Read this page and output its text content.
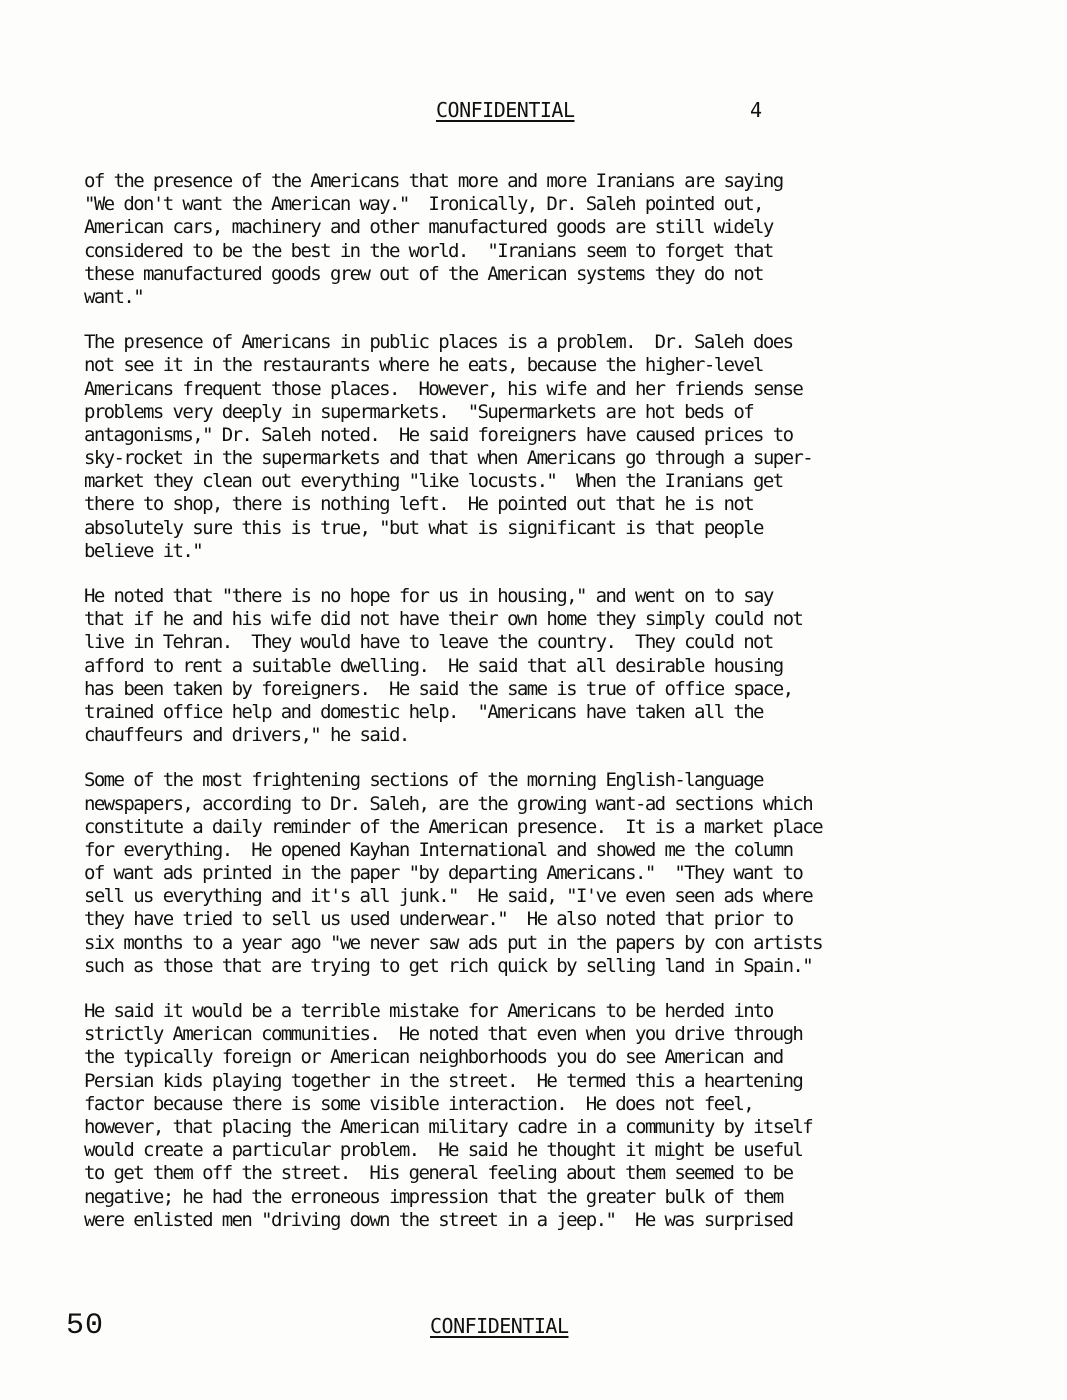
CONFIDENTIAL	4
of the presence of the Americans that more and more Iranians are saying
"We don't want the American way."  Ironically, Dr. Saleh pointed out,
American cars, machinery and other manufactured goods are still widely
considered to be the best in the world.  "Iranians seem to forget that
these manufactured goods grew out of the American systems they do not
want."
The presence of Americans in public places is a problem.  Dr. Saleh does
not see it in the restaurants where he eats, because the higher-level
Americans frequent those places.  However, his wife and her friends sense
problems very deeply in supermarkets.  "Supermarkets are hot beds of
antagonisms," Dr. Saleh noted.  He said foreigners have caused prices to
sky-rocket in the supermarkets and that when Americans go through a super-
market they clean out everything "like locusts."  When the Iranians get
there to shop, there is nothing left.  He pointed out that he is not
absolutely sure this is true, "but what is significant is that people
believe it."
He noted that "there is no hope for us in housing," and went on to say
that if he and his wife did not have their own home they simply could not
live in Tehran.  They would have to leave the country.  They could not
afford to rent a suitable dwelling.  He said that all desirable housing
has been taken by foreigners.  He said the same is true of office space,
trained office help and domestic help.  "Americans have taken all the
chauffeurs and drivers," he said.
Some of the most frightening sections of the morning English-language
newspapers, according to Dr. Saleh, are the growing want-ad sections which
constitute a daily reminder of the American presence.  It is a market place
for everything.  He opened Kayhan International and showed me the column
of want ads printed in the paper "by departing Americans."  "They want to
sell us everything and it's all junk."  He said, "I've even seen ads where
they have tried to sell us used underwear."  He also noted that prior to
six months to a year ago "we never saw ads put in the papers by con artists
such as those that are trying to get rich quick by selling land in Spain."
He said it would be a terrible mistake for Americans to be herded into
strictly American communities.  He noted that even when you drive through
the typically foreign or American neighborhoods you do see American and
Persian kids playing together in the street.  He termed this a heartening
factor because there is some visible interaction.  He does not feel,
however, that placing the American military cadre in a community by itself
would create a particular problem.  He said he thought it might be useful
to get them off the street.  His general feeling about them seemed to be
negative; he had the erroneous impression that the greater bulk of them
were enlisted men "driving down the street in a jeep."  He was surprised
50	CONFIDENTIAL
